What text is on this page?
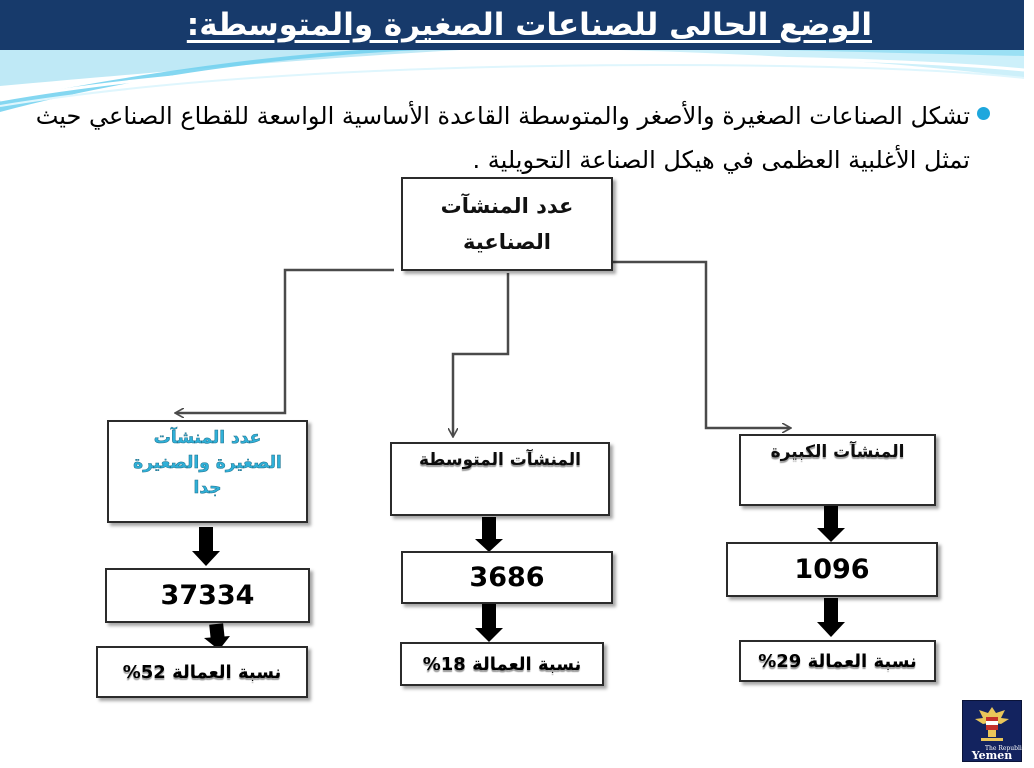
الوضع الحالى للصناعات الصغيرة والمتوسطة:
تشكل الصناعات الصغيرة والأصغر والمتوسطة القاعدة الأساسية الواسعة للقطاع الصناعي حيث تمثل الأغلبية العظمى في هيكل الصناعة التحويلية .
عدد المنشآت الصناعية
عدد المنشآت الصغيرة والصغيرة جدا
37334
نسبة العمالة 52%
المنشآت المتوسطة
3686
نسبة العمالة 18%
المنشآت الكبيرة
1096
نسبة العمالة 29%
The Republic Of
Yemen
